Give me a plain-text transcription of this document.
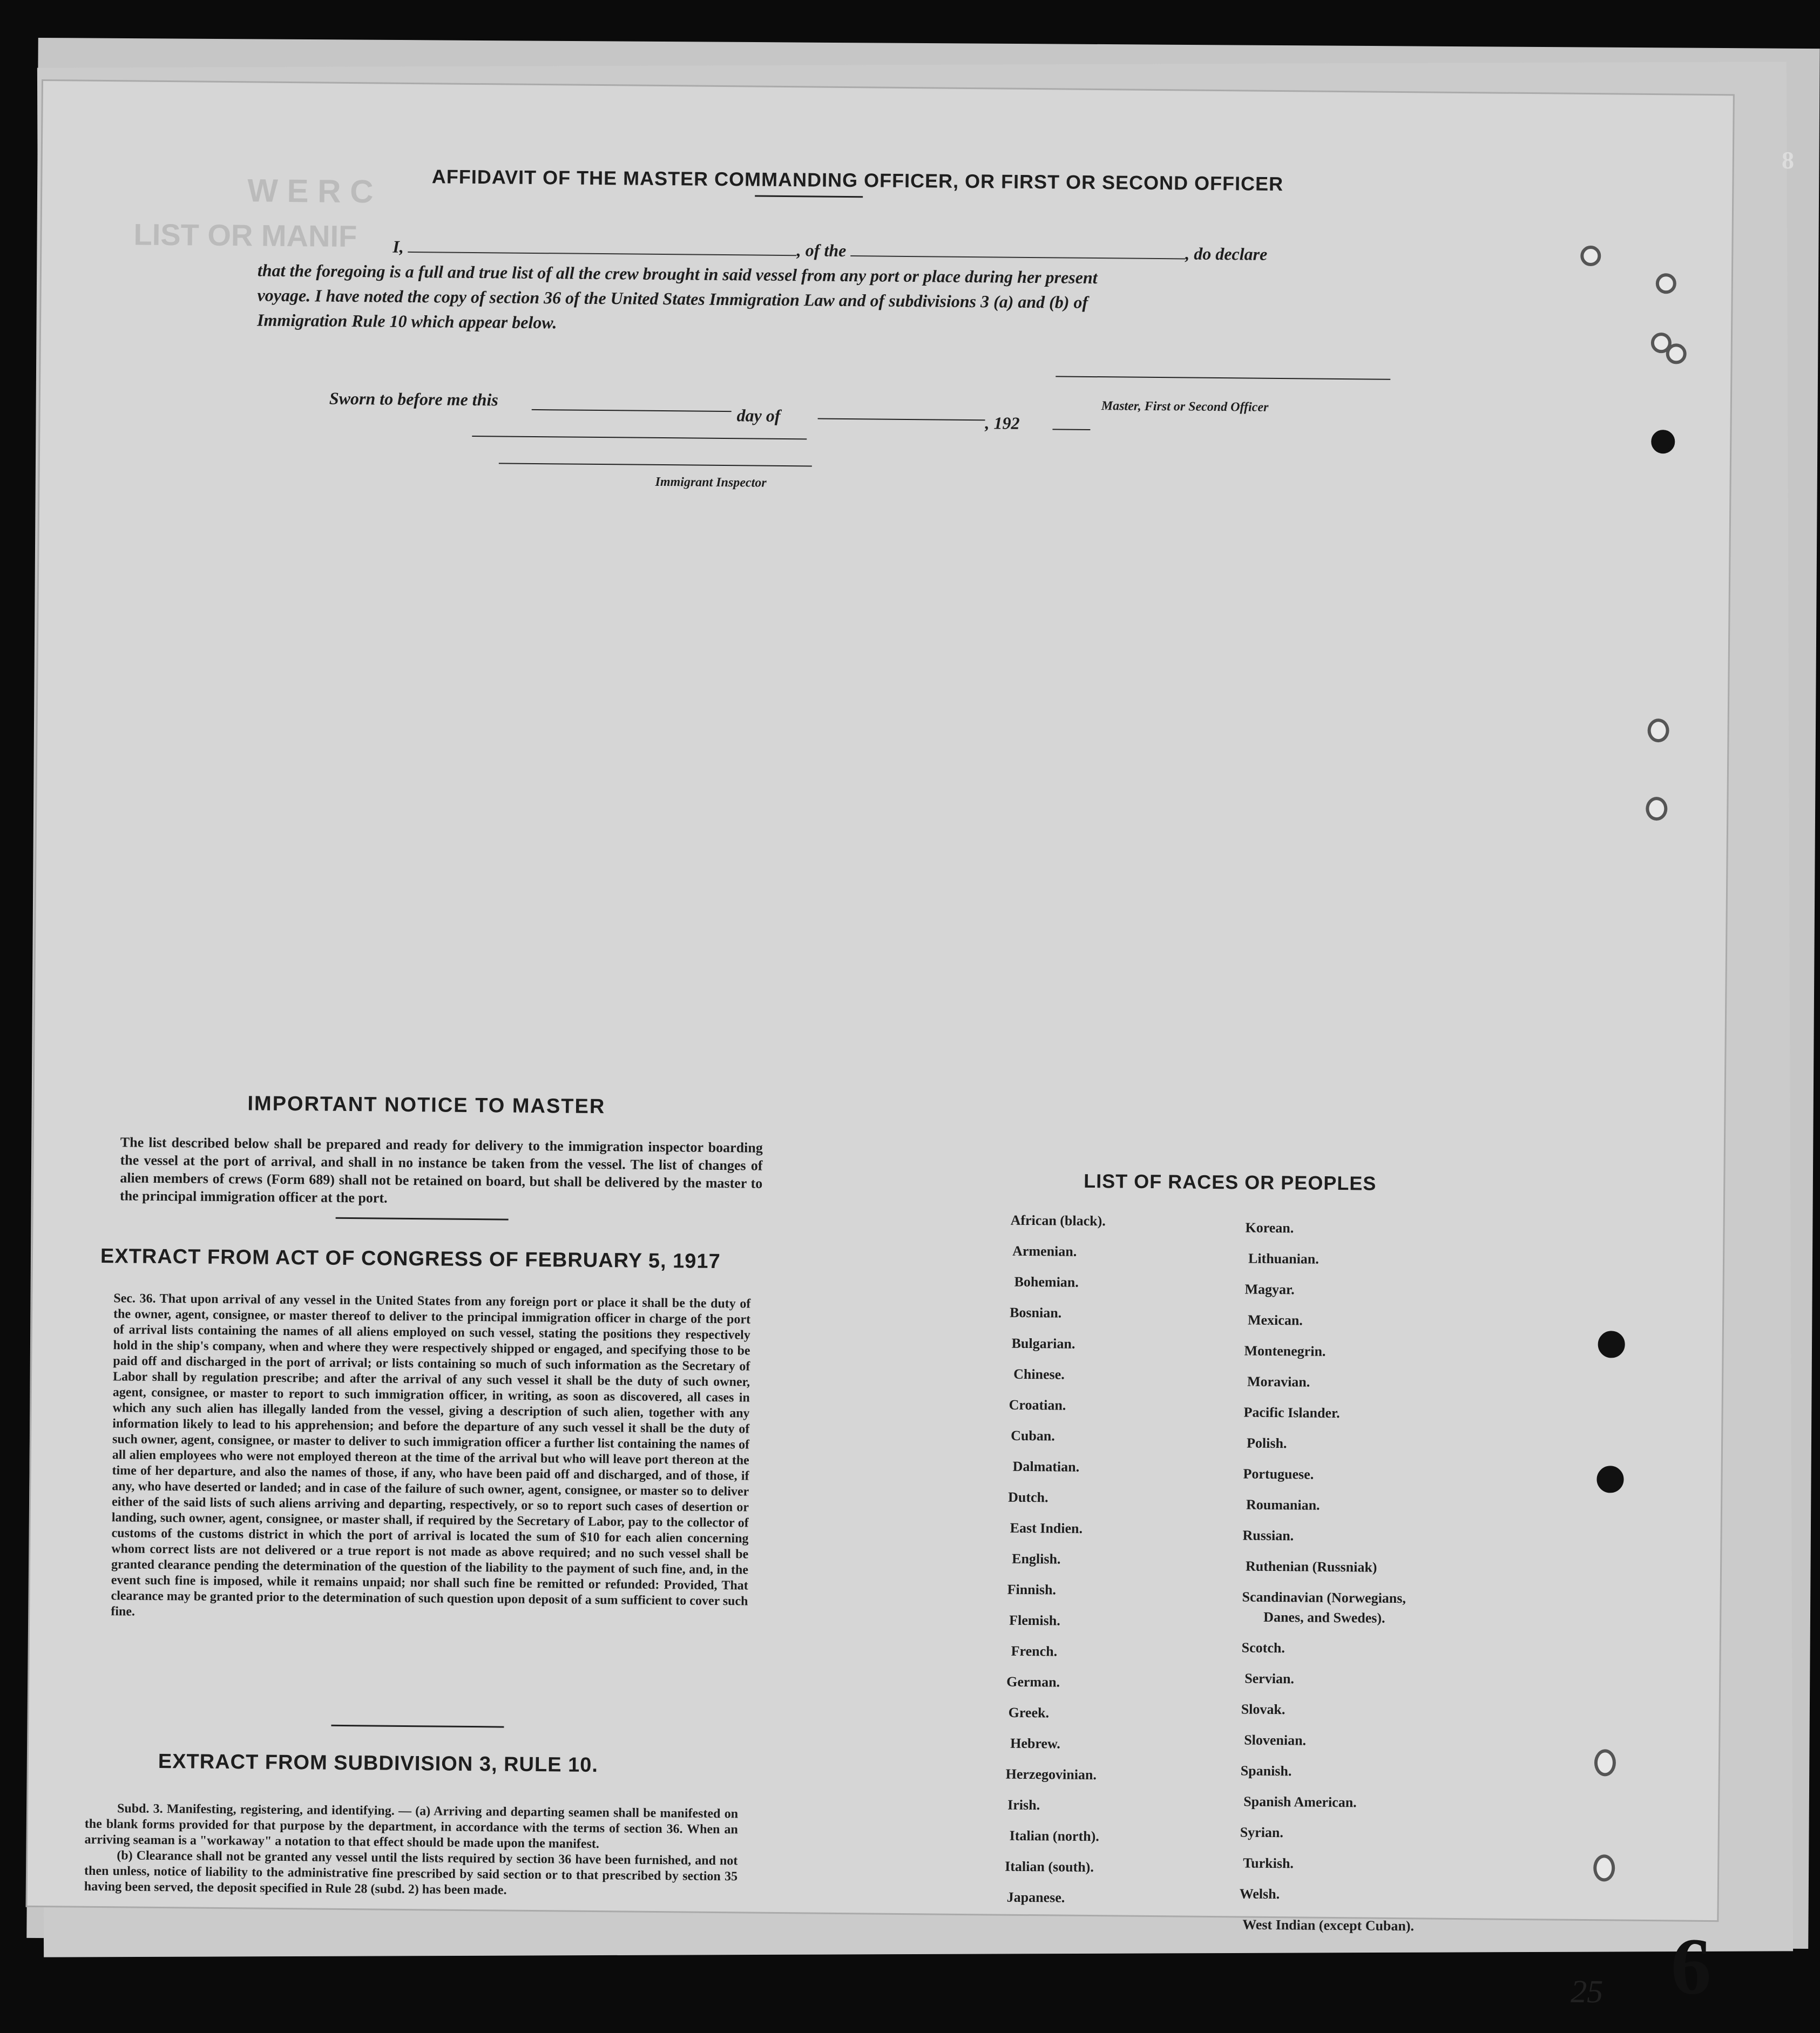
8
W E R C
LIST OR MANIF
AFFIDAVIT OF THE MASTER COMMANDING OFFICER, OR FIRST OR SECOND OFFICER
I,	, of the	, do declare
that the foregoing is a full and true list of all the crew brought in said vessel from any port or place during her present
voyage. I have noted the copy of section 36 of the United States Immigration Law and of subdivisions 3 (a) and (b) of
Immigration Rule 10 which appear below.
Sworn to before me this
day of	, 192
Master, First or Second Officer
Immigrant Inspector
IMPORTANT NOTICE TO MASTER
The list described below shall be prepared and ready for delivery to the immigration inspector boarding the vessel at the port of arrival, and shall in no instance be taken from the vessel. The list of changes of alien members of crews (Form 689) shall not be retained on board, but shall be delivered by the master to the principal immigration officer at the port.
EXTRACT FROM ACT OF CONGRESS OF FEBRUARY 5, 1917
Sec. 36. That upon arrival of any vessel in the United States from any foreign port or place it shall be the duty of the owner, agent, consignee, or master thereof to deliver to the principal immigration officer in charge of the port of arrival lists containing the names of all aliens employed on such vessel, stating the positions they respectively hold in the ship's company, when and where they were respectively shipped or engaged, and specifying those to be paid off and discharged in the port of arrival; or lists containing so much of such information as the Secretary of Labor shall by regulation prescribe; and after the arrival of any such vessel it shall be the duty of such owner, agent, consignee, or master to report to such immigration officer, in writing, as soon as discovered, all cases in which any such alien has illegally landed from the vessel, giving a description of such alien, together with any information likely to lead to his apprehension; and before the departure of any such vessel it shall be the duty of such owner, agent, consignee, or master to deliver to such immigration officer a further list containing the names of all alien employees who were not employed thereon at the time of the arrival but who will leave port thereon at the time of her departure, and also the names of those, if any, who have been paid off and discharged, and of those, if any, who have deserted or landed; and in case of the failure of such owner, agent, consignee, or master so to deliver either of the said lists of such aliens arriving and departing, respectively, or so to report such cases of desertion or landing, such owner, agent, consignee, or master shall, if required by the Secretary of Labor, pay to the collector of customs of the customs district in which the port of arrival is located the sum of $10 for each alien concerning whom correct lists are not delivered or a true report is not made as above required; and no such vessel shall be granted clearance pending the determination of the question of the liability to the payment of such fine, and, in the event such fine is imposed, while it remains unpaid; nor shall such fine be remitted or refunded: Provided, That clearance may be granted prior to the determination of such question upon deposit of a sum sufficient to cover such fine.
EXTRACT FROM SUBDIVISION 3, RULE 10.
Subd. 3. Manifesting, registering, and identifying. — (a) Arriving and departing seamen shall be manifested on the blank forms provided for that purpose by the department, in accordance with the terms of section 36. When an arriving seaman is a "workaway" a notation to that effect should be made upon the manifest.
(b) Clearance shall not be granted any vessel until the lists required by section 36 have been furnished, and not then unless, notice of liability to the administrative fine prescribed by said section or to that prescribed by section 35 having been served, the deposit specified in Rule 28 (subd. 2) has been made.
LIST OF RACES OR PEOPLES
African (black).
Armenian.
Bohemian.
Bosnian.
Bulgarian.
Chinese.
Croatian.
Cuban.
Dalmatian.
Dutch.
East Indien.
English.
Finnish.
Flemish.
French.
German.
Greek.
Hebrew.
Herzegovinian.
Irish.
Italian (north).
Italian (south).
Japanese.
Korean.
Lithuanian.
Magyar.
Mexican.
Montenegrin.
Moravian.
Pacific Islander.
Polish.
Portuguese.
Roumanian.
Russian.
Ruthenian (Russniak)
Scandinavian (Norwegians,
Danes, and Swedes).
Scotch.
Servian.
Slovak.
Slovenian.
Spanish.
Spanish American.
Syrian.
Turkish.
Welsh.
West Indian (except Cuban).	6
25
